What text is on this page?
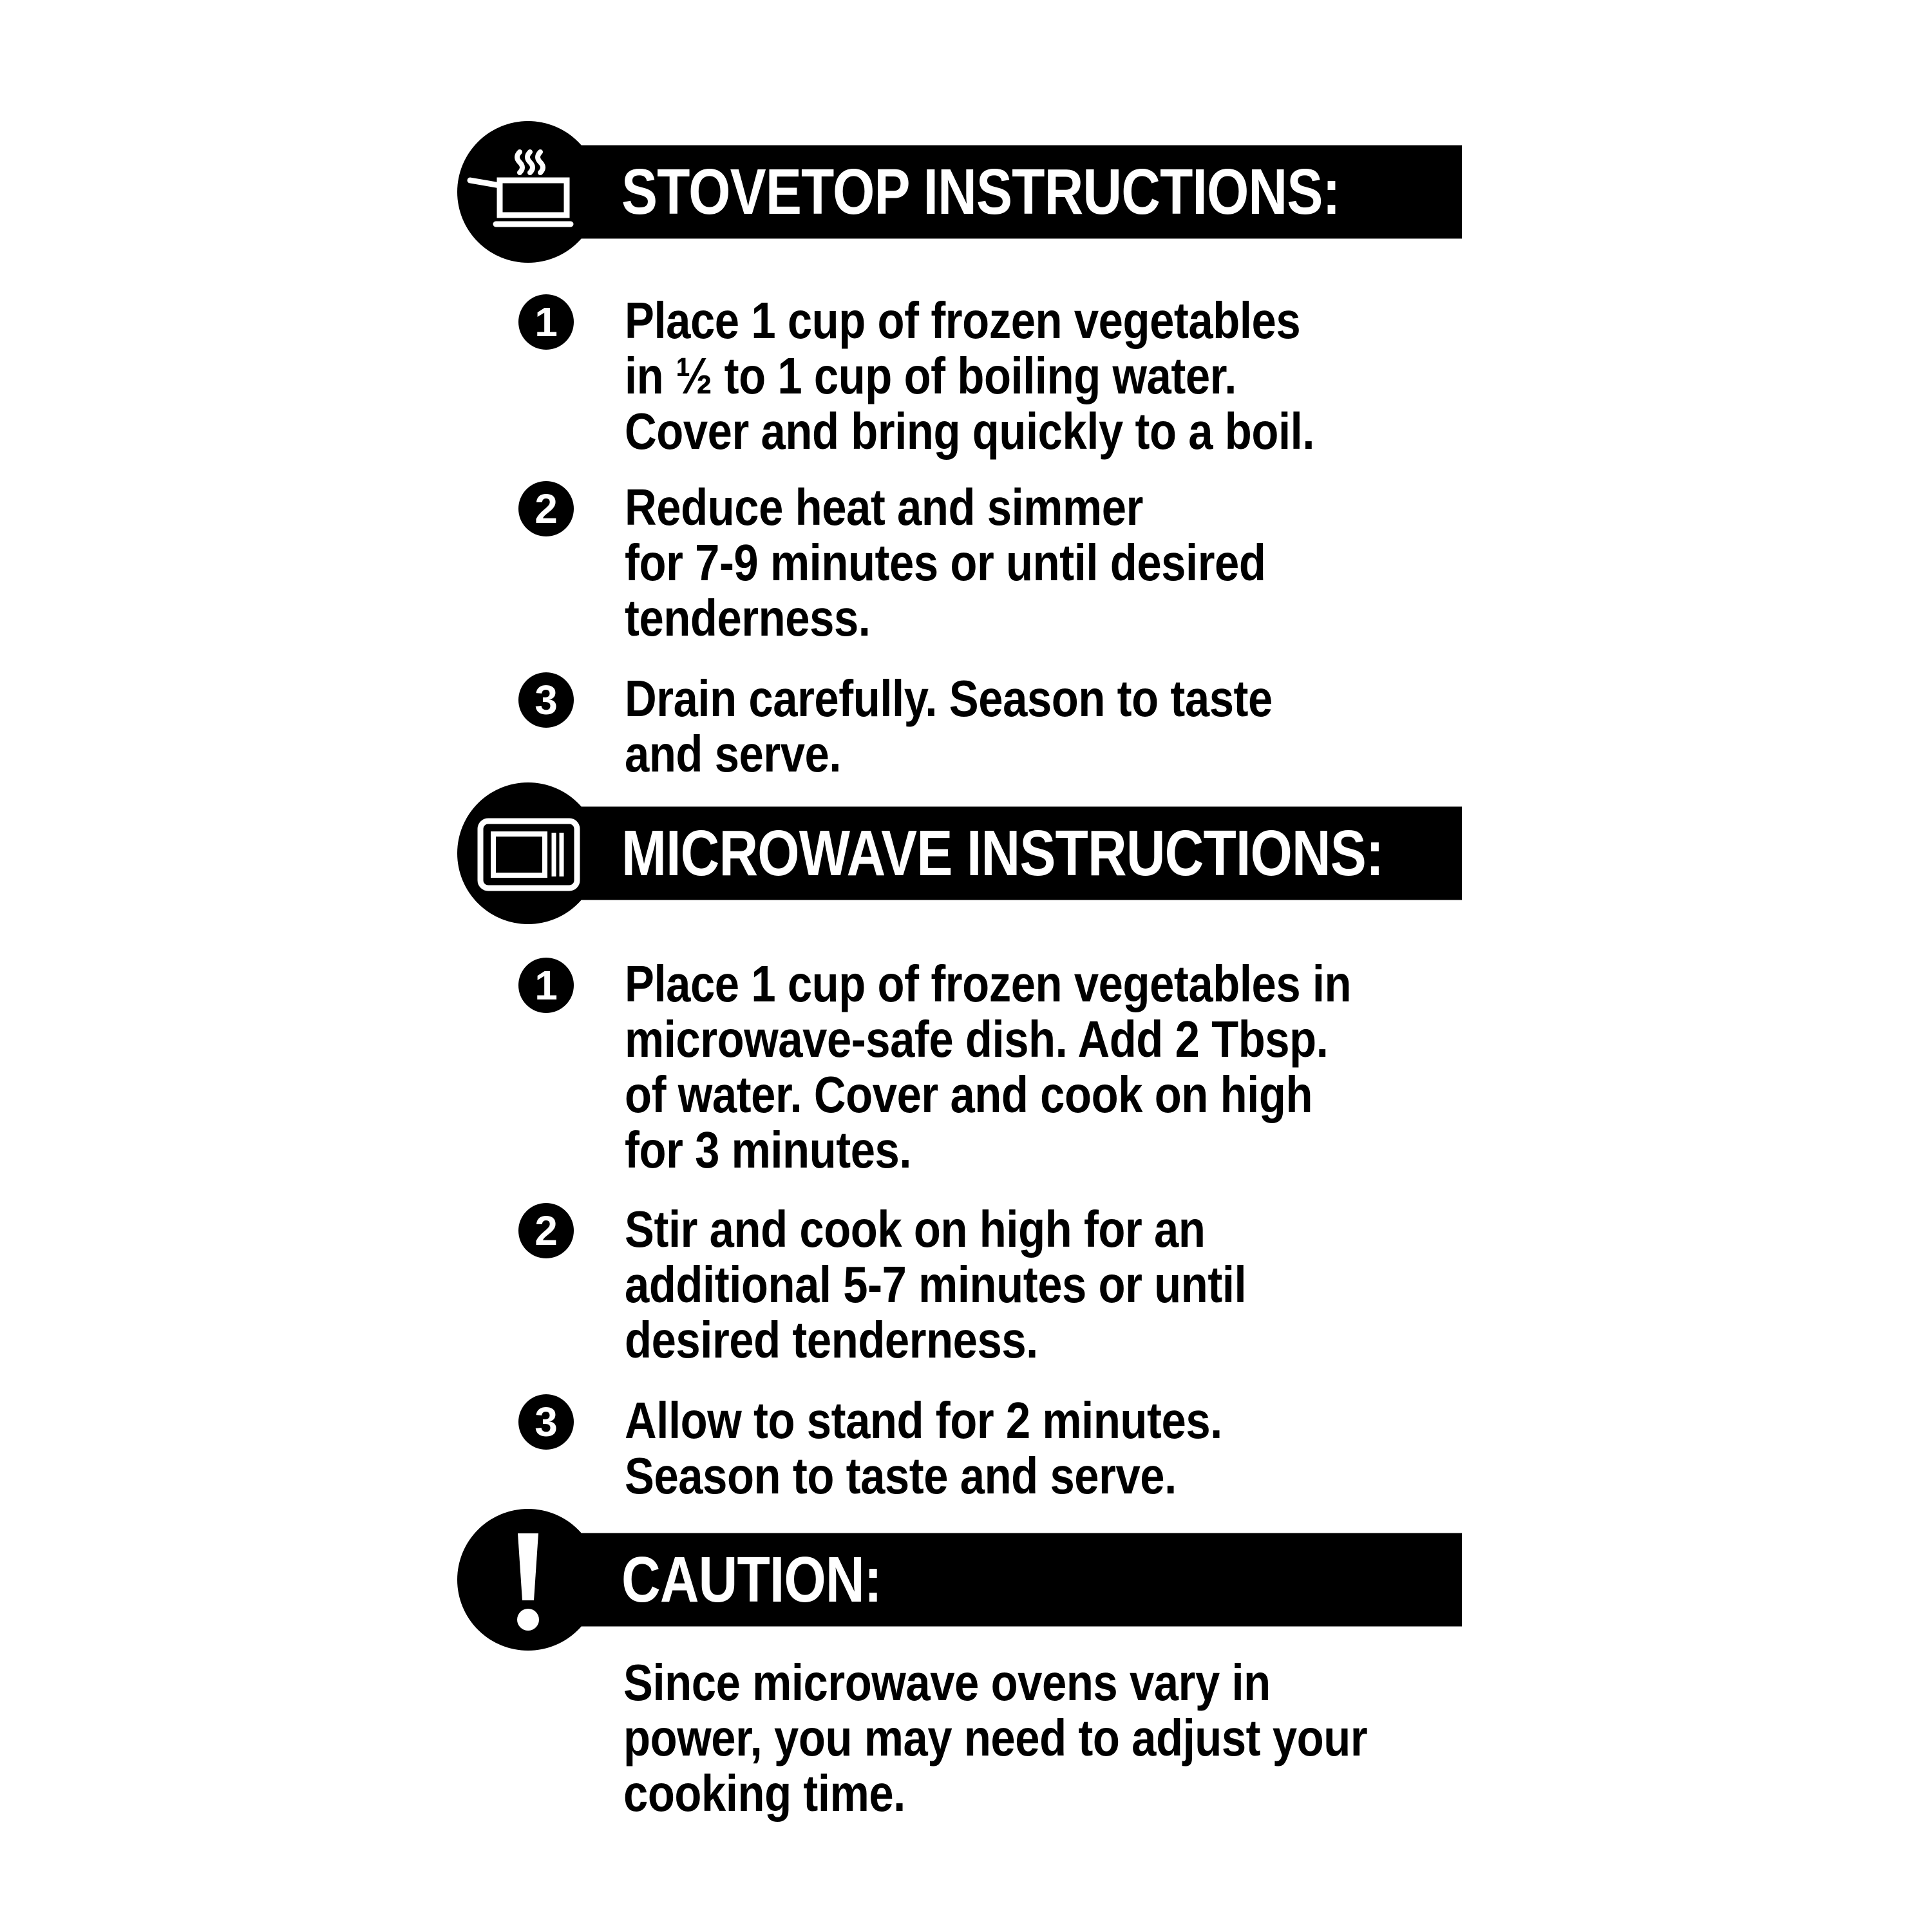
STOVETOP INSTRUCTIONS:
1	Place 1 cup of frozen vegetables
in ½ to 1 cup of boiling water.
Cover and bring quickly to a boil.
2	Reduce heat and simmer
for 7-9 minutes or until desired
tenderness.
3	Drain carefully. Season to taste
and serve.
MICROWAVE INSTRUCTIONS:
1	Place 1 cup of frozen vegetables in
microwave-safe dish. Add 2 Tbsp.
of water. Cover and cook on high
for 3 minutes.
2	Stir and cook on high for an
additional 5-7 minutes or until
desired tenderness.
3	Allow to stand for 2 minutes.
Season to taste and serve.
CAUTION:
Since microwave ovens vary in
power, you may need to adjust your
cooking time.
